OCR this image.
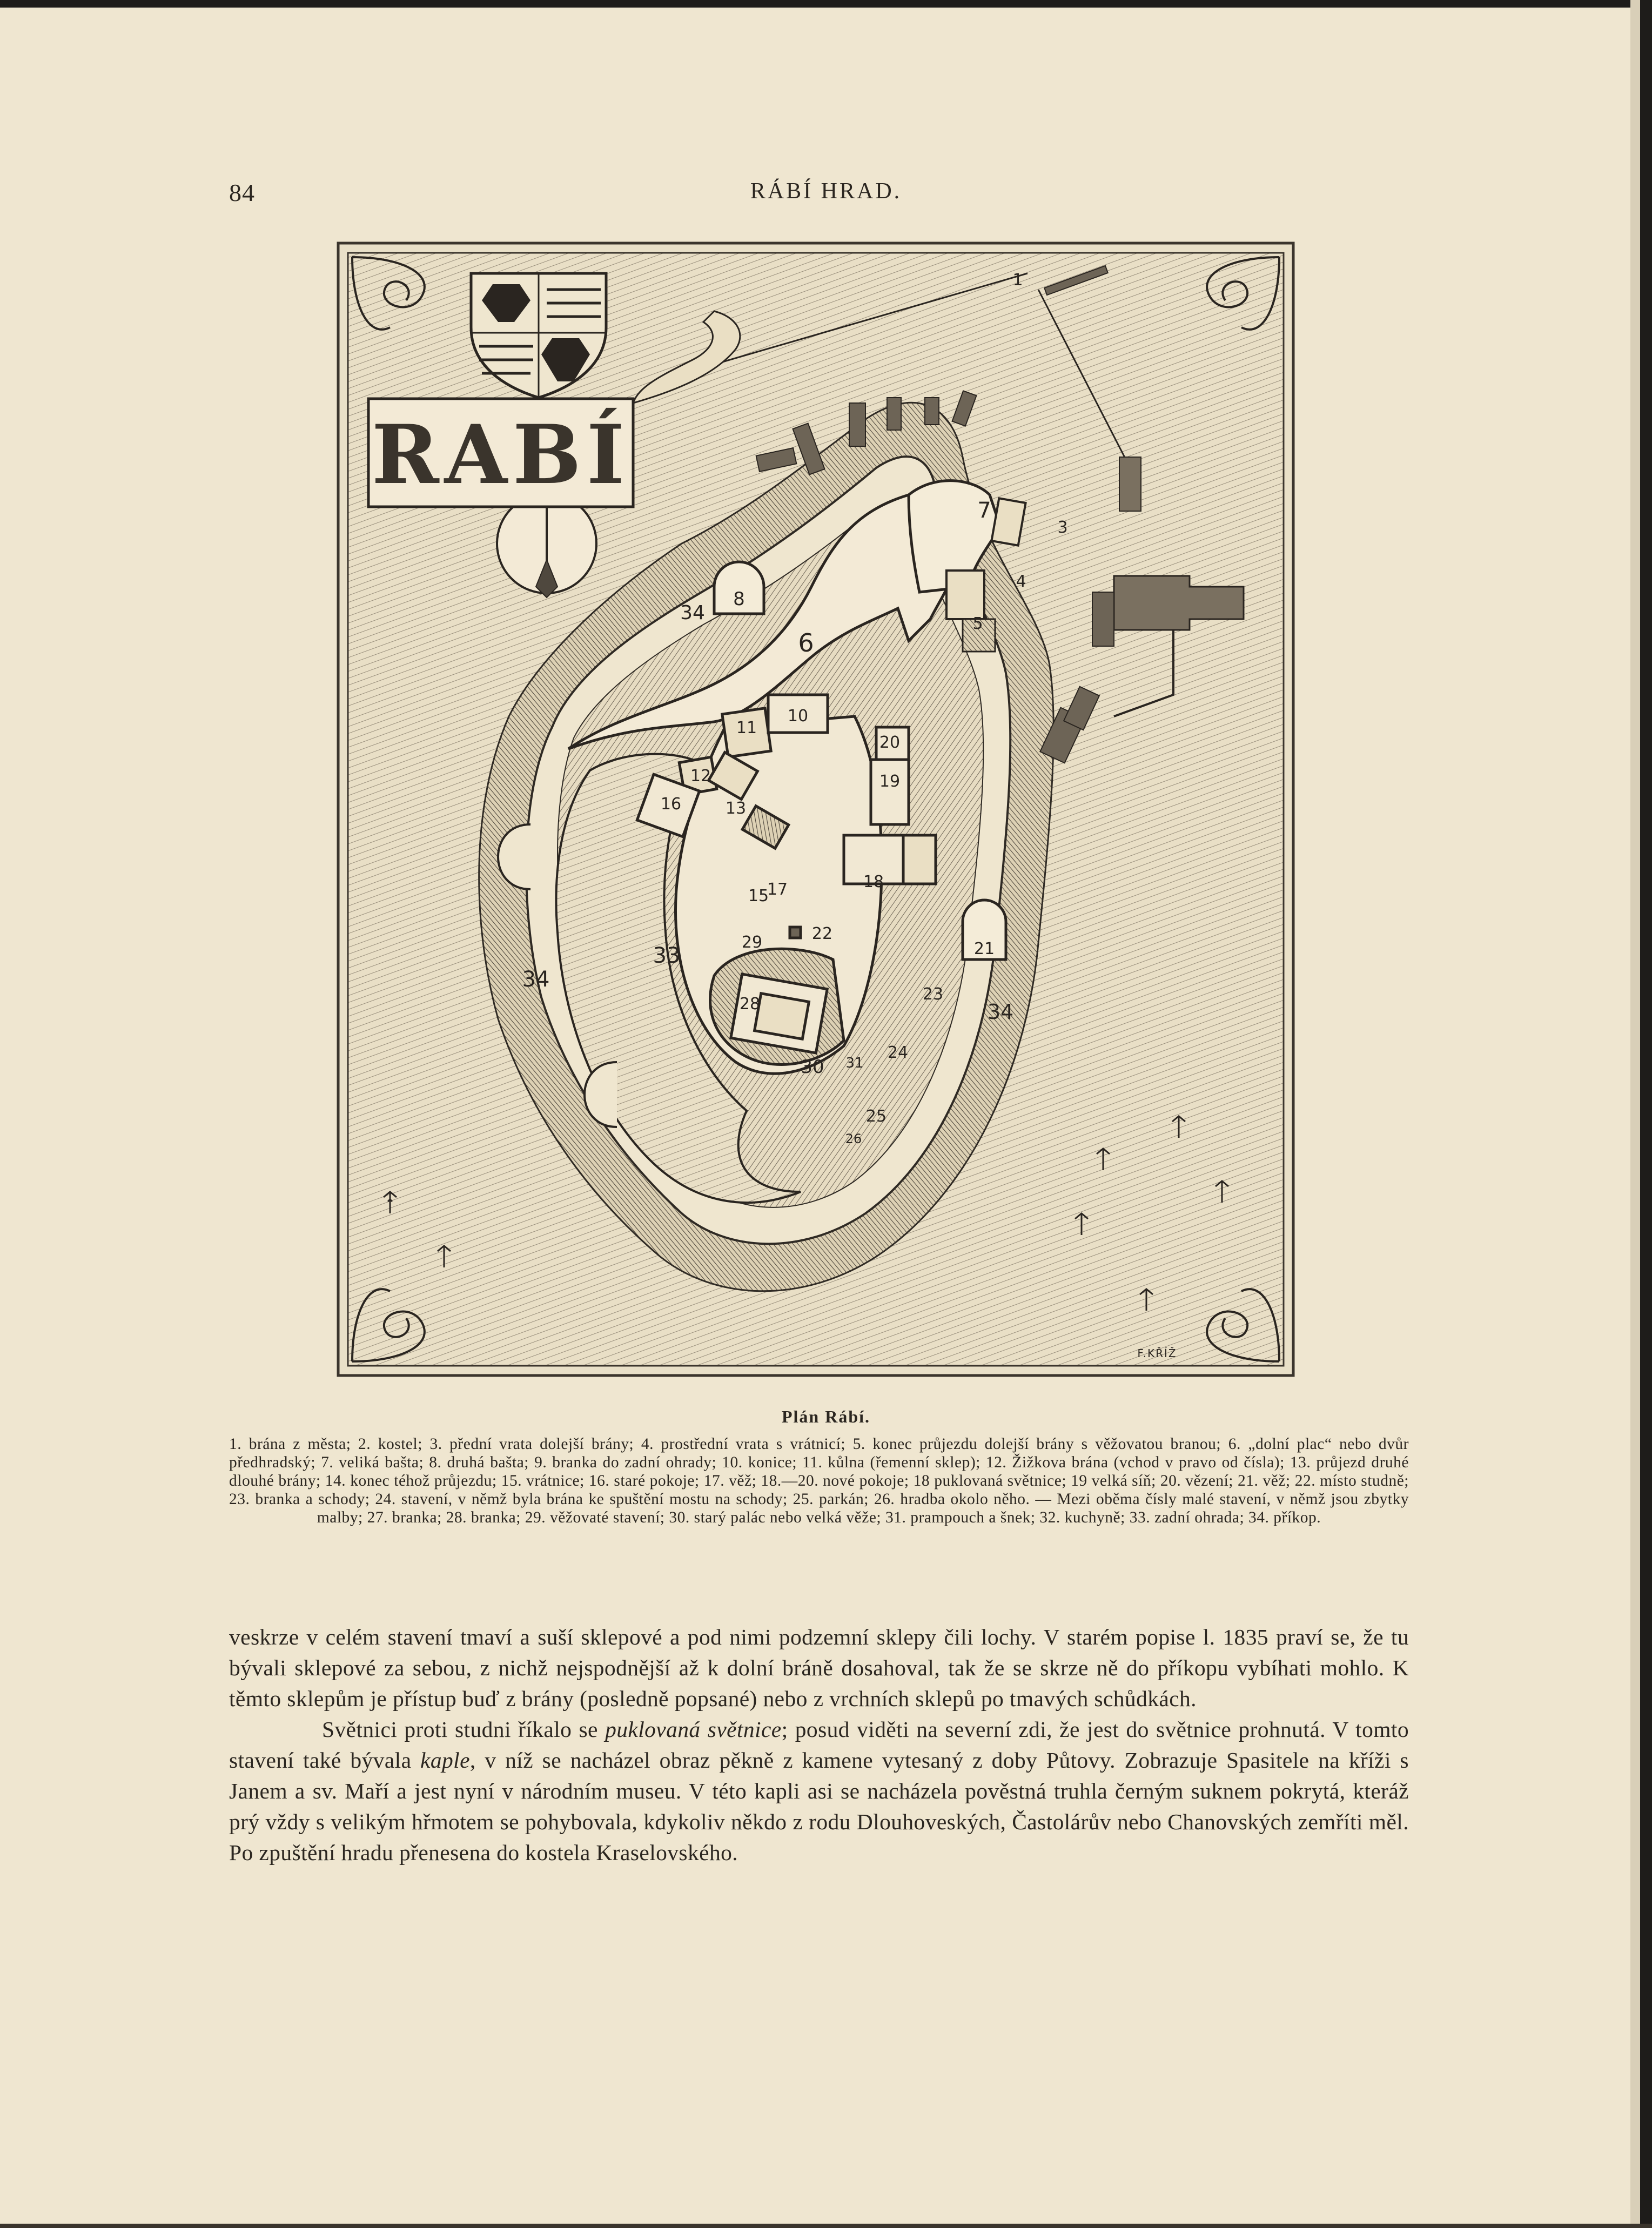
84	RÁBÍ HRAD.
RABÍ
1
3
4
5
6
7
8
10
11
12
13
15
16
17	18
19
20
21
22
23
24
25
26
28
29
30 31
33
34
34
34
F.KŘÍŽ
Plán Rábí.
1. brána z města; 2. kostel; 3. přední vrata dolejší brány; 4. prostřední vrata s vrátnicí; 5. konec průjezdu dolejší brány s věžovatou branou; 6. „dolní plac“ nebo dvůr předhradský; 7. veliká bašta; 8. druhá bašta; 9. branka do zadní ohrady; 10. konice; 11. kůlna (řemenní sklep); 12. Žižkova brána (vchod v pravo od čísla); 13. průjezd druhé dlouhé brány; 14. konec téhož průjezdu; 15. vrátnice; 16. staré pokoje; 17. věž; 18.—20. nové pokoje; 18 puklovaná světnice; 19 velká síň; 20. vězení; 21. věž; 22. místo studně; 23. branka a schody; 24. stavení, v němž byla brána ke spuštění mostu na schody; 25. parkán; 26. hradba okolo něho. — Mezi oběma čísly malé stavení, v němž jsou zbytky malby; 27. branka; 28. branka; 29. věžovaté stavení; 30. starý palác nebo velká věže; 31. prampouch a šnek; 32. kuchyně; 33. zadní ohrada; 34. příkop.

veskrze v celém stavení tmaví a suší sklepové a pod nimi podzemní sklepy čili lochy. V starém popise l. 1835 praví se, že tu bývali sklepové za sebou, z nichž nejspodnější až k dolní bráně dosahoval, tak že se skrze ně do příkopu vybíhati mohlo. K těmto sklepům je přístup buď z brány (posledně popsané) nebo z vrchních sklepů po tmavých schůdkách.

Světnici proti studni říkalo se puklovaná světnice; posud viděti na severní zdi, že jest do světnice prohnutá. V tomto stavení také bývala kaple, v níž se nacházel obraz pěkně z kamene vytesaný z doby Půtovy. Zobrazuje Spasitele na kříži s Janem a sv. Maří a jest nyní v národním museu. V této kapli asi se nacházela pověstná truhla černým suknem pokrytá, kteráž prý vždy s velikým hřmotem se pohybovala, kdykoliv někdo z rodu Dlouhoveských, Častolárův nebo Chanovských zemříti měl. Po zpuštění hradu přenesena do kostela Kraselovského.
